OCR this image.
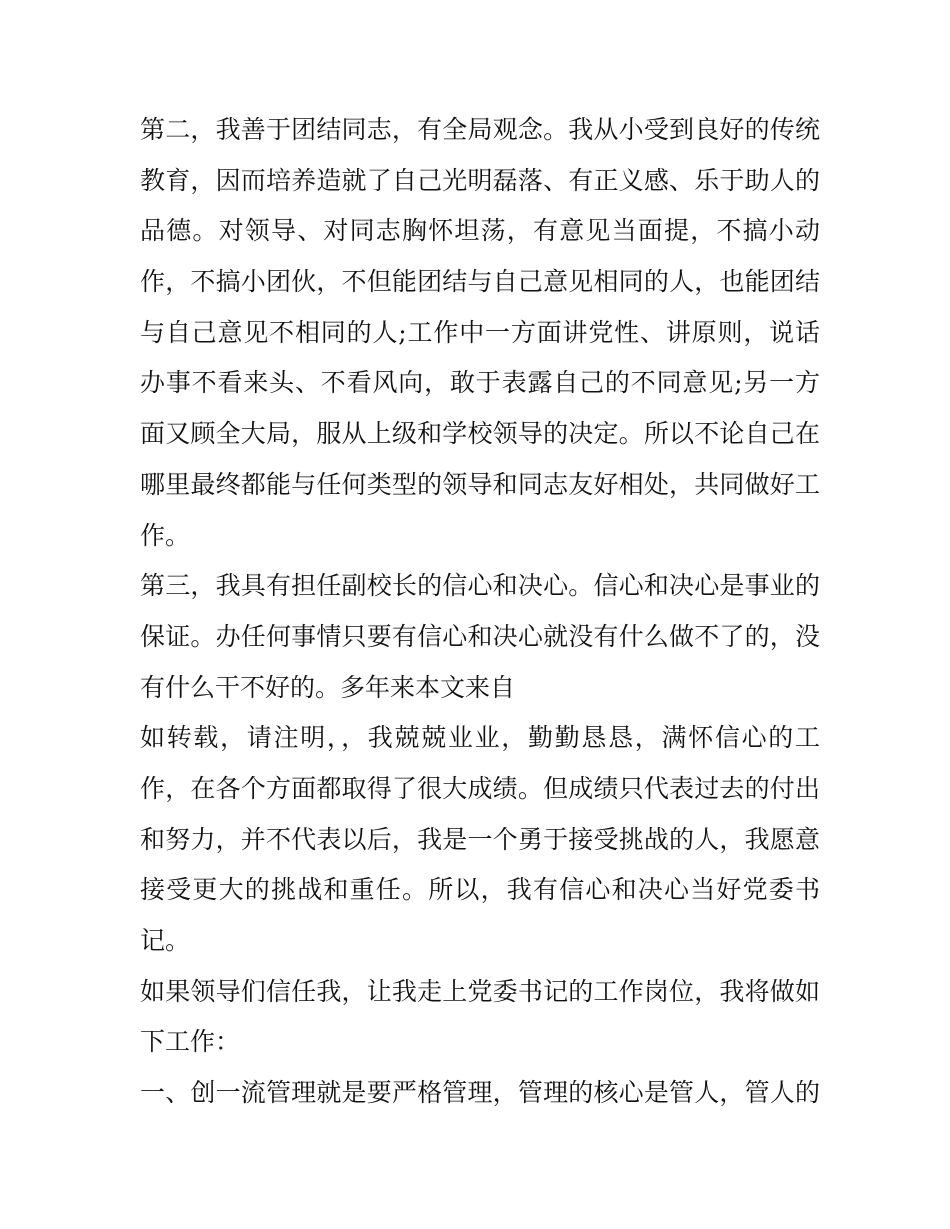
第二，我善于团结同志，有全局观念。我从小受到良好的传统
教育，因而培养造就了自己光明磊落、有正义感、乐于助人的
品德。对领导、对同志胸怀坦荡，有意见当面提，不搞小动
作，不搞小团伙，不但能团结与自己意见相同的人，也能团结
与自己意见不相同的人;工作中一方面讲党性、讲原则，说话
办事不看来头、不看风向，敢于表露自己的不同意见;另一方
面又顾全大局，服从上级和学校领导的决定。所以不论自己在
哪里最终都能与任何类型的领导和同志友好相处，共同做好工
作。
第三，我具有担任副校长的信心和决心。信心和决心是事业的
保证。办任何事情只要有信心和决心就没有什么做不了的，没
有什么干不好的。多年来本文来自
如转载，请注明，，我兢兢业业，勤勤恳恳，满怀信心的工
作，在各个方面都取得了很大成绩。但成绩只代表过去的付出
和努力，并不代表以后，我是一个勇于接受挑战的人，我愿意
接受更大的挑战和重任。所以，我有信心和决心当好党委书
记。
如果领导们信任我，让我走上党委书记的工作岗位，我将做如
下工作：
一、创一流管理就是要严格管理，管理的核心是管人，管人的
